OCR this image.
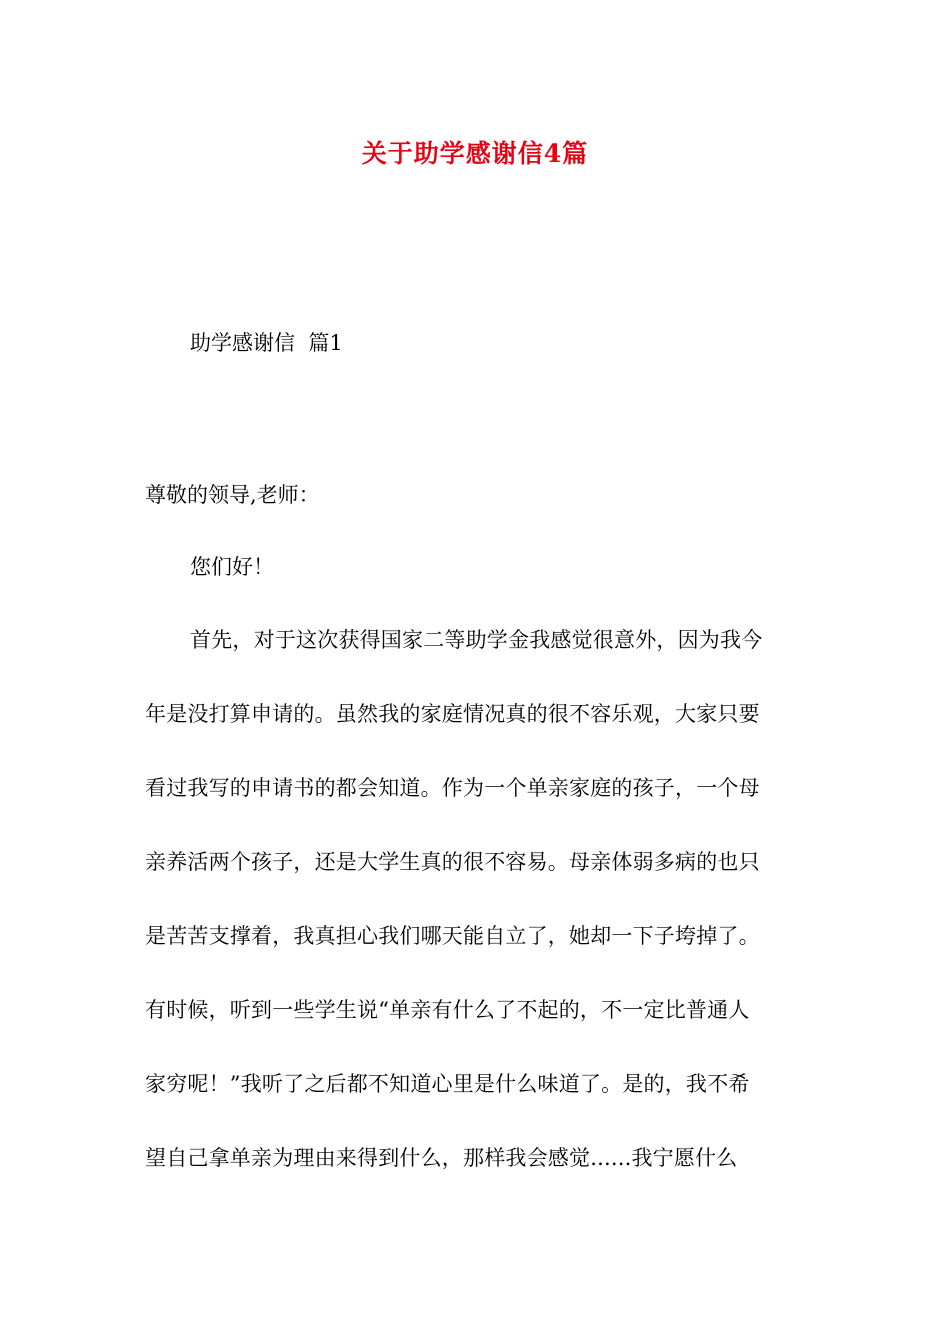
关于助学感谢信4篇
助学感谢信  篇1
尊敬的领导,老师：
您们好！
首先，对于这次获得国家二等助学金我感觉很意外，因为我今
年是没打算申请的。虽然我的家庭情况真的很不容乐观，大家只要
看过我写的申请书的都会知道。作为一个单亲家庭的孩子，一个母
亲养活两个孩子，还是大学生真的很不容易。母亲体弱多病的也只
是苦苦支撑着，我真担心我们哪天能自立了，她却一下子垮掉了。
有时候，听到一些学生说“单亲有什么了不起的，不一定比普通人
家穷呢！”我听了之后都不知道心里是什么味道了。是的，我不希
望自己拿单亲为理由来得到什么，那样我会感觉......我宁愿什么
